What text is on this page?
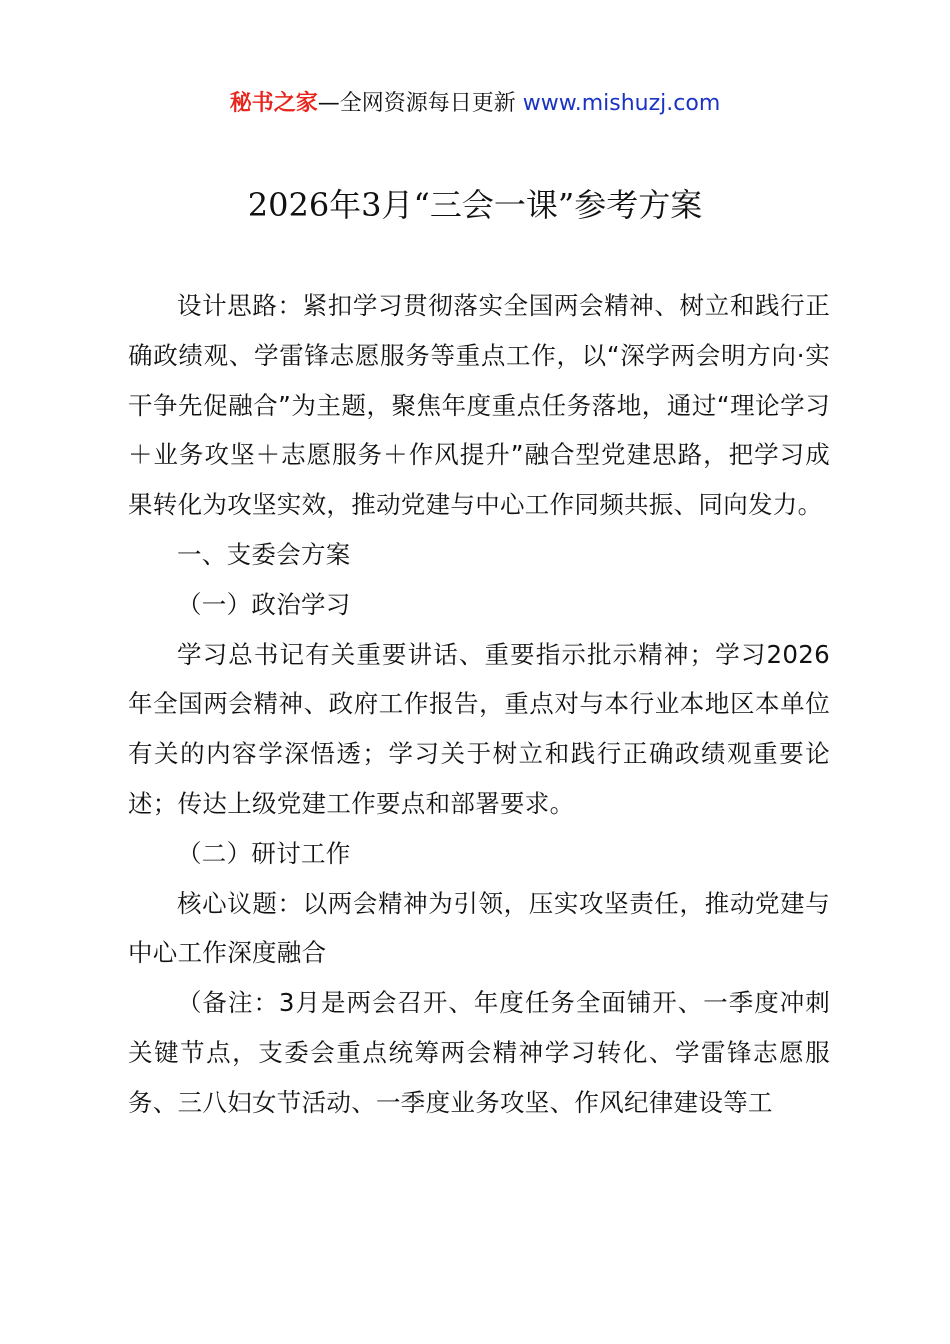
秘书之家—全网资源每日更新 www.mishuzj.com
2026年3月“三会一课”参考方案

设计思路：紧扣学习贯彻落实全国两会精神、树立和践行正确政绩观、学雷锋志愿服务等重点工作，以“深学两会明方向·实干争先促融合”为主题，聚焦年度重点任务落地，通过“理论学习＋业务攻坚＋志愿服务＋作风提升”融合型党建思路，把学习成果转化为攻坚实效，推动党建与中心工作同频共振、同向发力。

一、支委会方案

（一）政治学习

学习总书记有关重要讲话、重要指示批示精神；学习2026年全国两会精神、政府工作报告，重点对与本行业本地区本单位有关的内容学深悟透；学习关于树立和践行正确政绩观重要论述；传达上级党建工作要点和部署要求。

（二）研讨工作

核心议题：以两会精神为引领，压实攻坚责任，推动党建与中心工作深度融合

（备注：3月是两会召开、年度任务全面铺开、一季度冲刺关键节点，支委会重点统筹两会精神学习转化、学雷锋志愿服务、三八妇女节活动、一季度业务攻坚、作风纪律建设等工
